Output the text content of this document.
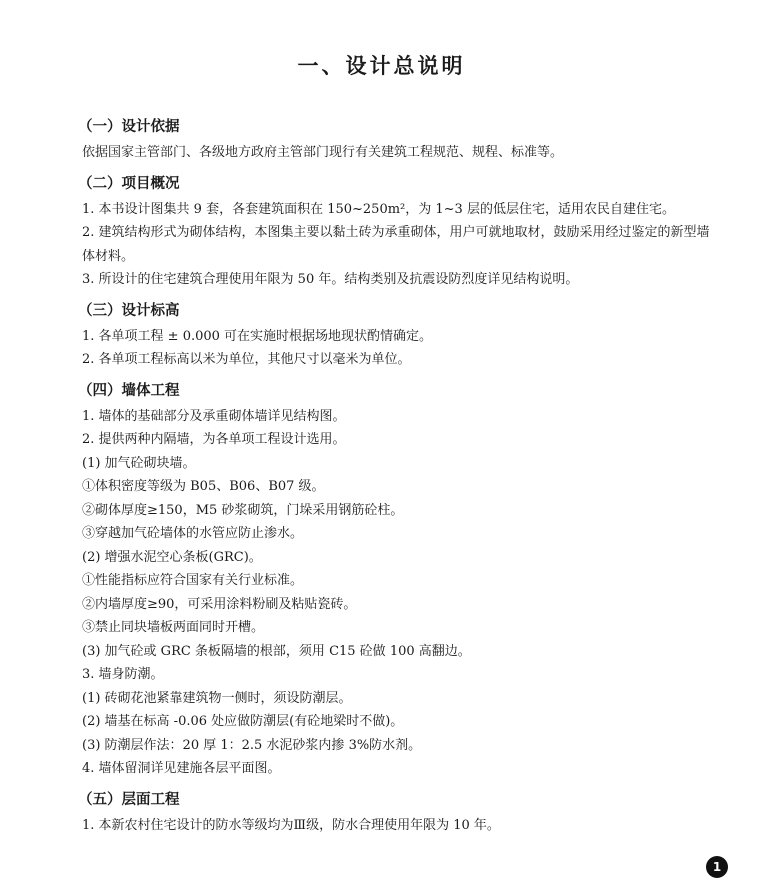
一、设计总说明
（一）设计依据
依据国家主管部门、各级地方政府主管部门现行有关建筑工程规范、规程、标准等。
（二）项目概况
1. 本书设计图集共 9 套，各套建筑面积在 150~250m²，为 1~3 层的低层住宅，适用农民自建住宅。
2. 建筑结构形式为砌体结构，本图集主要以黏土砖为承重砌体，用户可就地取材，鼓励采用经过鉴定的新型墙体材料。
3. 所设计的住宅建筑合理使用年限为 50 年。结构类别及抗震设防烈度详见结构说明。
（三）设计标高
1. 各单项工程 ± 0.000 可在实施时根据场地现状酌情确定。
2. 各单项工程标高以米为单位，其他尺寸以毫米为单位。
（四）墙体工程
1. 墙体的基础部分及承重砌体墙详见结构图。
2. 提供两种内隔墙，为各单项工程设计选用。
(1) 加气砼砌块墙。
①体积密度等级为 B05、B06、B07 级。
②砌体厚度≥150，M5 砂浆砌筑，门垛采用钢筋砼柱。
③穿越加气砼墙体的水管应防止渗水。
(2) 增强水泥空心条板(GRC)。
①性能指标应符合国家有关行业标准。
②内墙厚度≥90，可采用涂料粉刷及粘贴瓷砖。
③禁止同块墙板两面同时开槽。
(3) 加气砼或 GRC 条板隔墙的根部，须用 C15 砼做 100 高翻边。
3. 墙身防潮。
(1) 砖砌花池紧靠建筑物一侧时，须设防潮层。
(2) 墙基在标高 -0.06 处应做防潮层(有砼地梁时不做)。
(3) 防潮层作法：20 厚 1：2.5 水泥砂浆内掺 3%防水剂。
4. 墙体留洞详见建施各层平面图。
（五）层面工程
1. 本新农村住宅设计的防水等级均为Ⅲ级，防水合理使用年限为 10 年。
1
